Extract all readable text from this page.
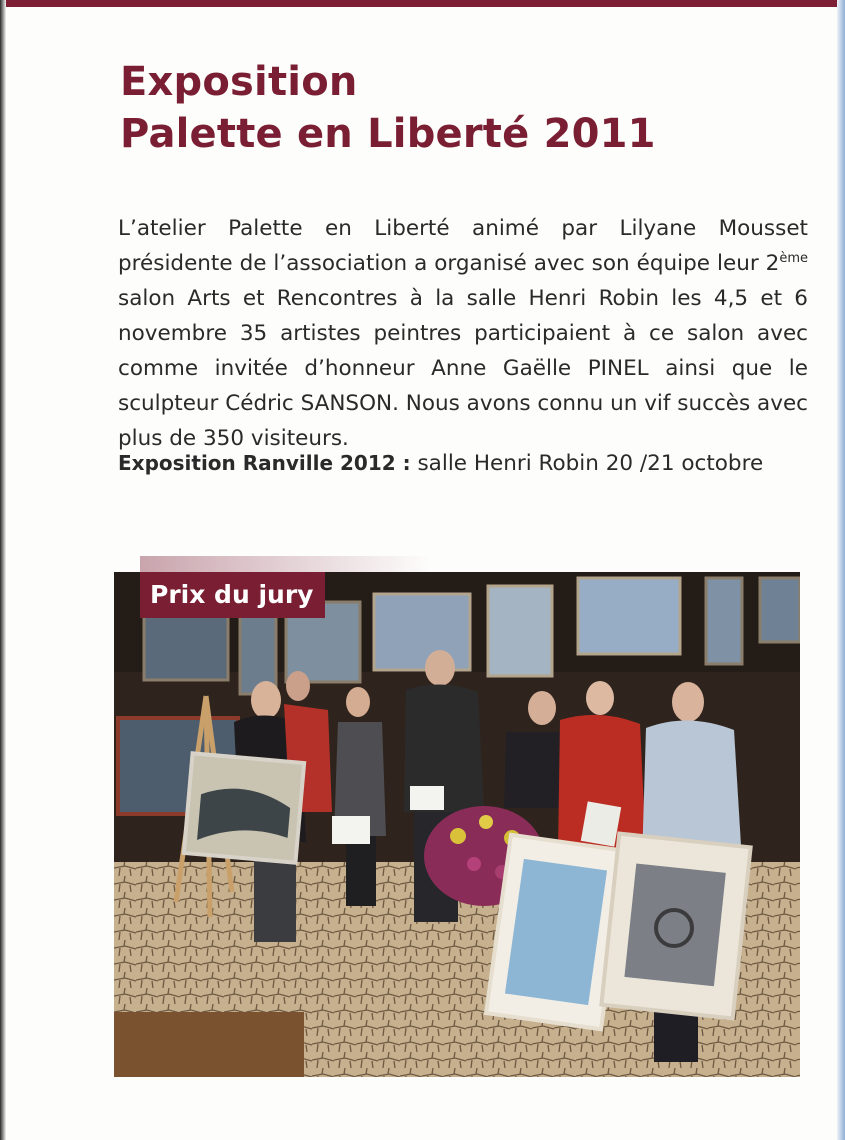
Exposition
Palette en Liberté 2011

L’atelier Palette en Liberté animé par Lilyane Mousset présidente de l’association a organisé avec son équipe leur 2ème salon Arts et Rencontres à la salle Henri Robin les 4,5 et 6 novembre 35 artistes peintres participaient à ce salon avec comme invitée d’honneur Anne Gaëlle PINEL ainsi que le sculpteur Cédric SANSON. Nous avons connu un vif succès avec plus de 350 visiteurs.

Exposition Ranville 2012 : salle Henri Robin 20 /21 octobre

Prix du jury
